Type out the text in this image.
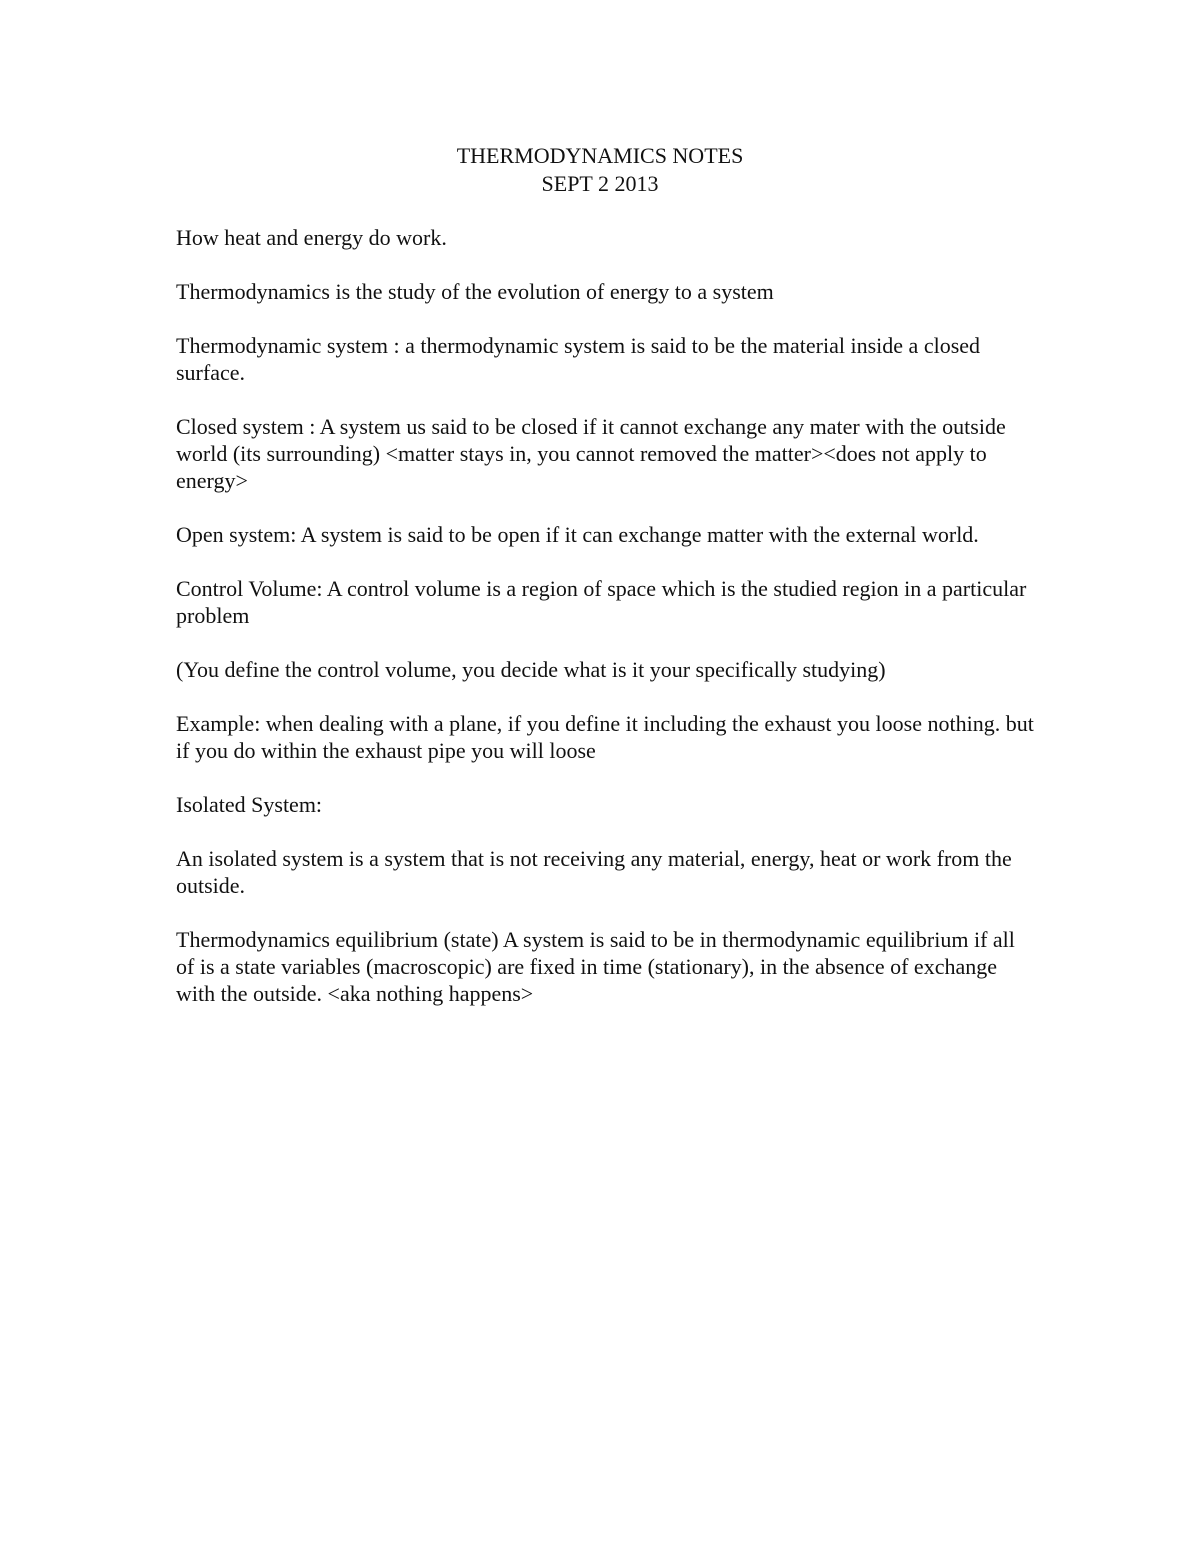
THERMODYNAMICS NOTES
SEPT 2 2013

How heat and energy do work.

Thermodynamics is the study of the evolution of energy to a system

Thermodynamic system : a thermodynamic system is said to be the material inside a closed surface.

Closed system : A system us said to be closed if it cannot exchange any mater with the outside world (its surrounding) <matter stays in, you cannot removed the matter><does not apply to energy>

Open system: A system is said to be open if it can exchange matter with the external world.

Control Volume: A control volume is a region of space which is the studied region in a particular problem

(You define the control volume, you decide what is it your specifically studying)

Example: when dealing with a plane, if you define it including the exhaust you loose nothing. but if you do within the exhaust pipe you will loose

Isolated System:

An isolated system is a system that is not receiving any material, energy, heat or work from the outside.

Thermodynamics equilibrium (state) A system is said to be in thermodynamic equilibrium if all of is a state variables (macroscopic) are fixed in time (stationary), in the absence of exchange with the outside. <aka nothing happens>
